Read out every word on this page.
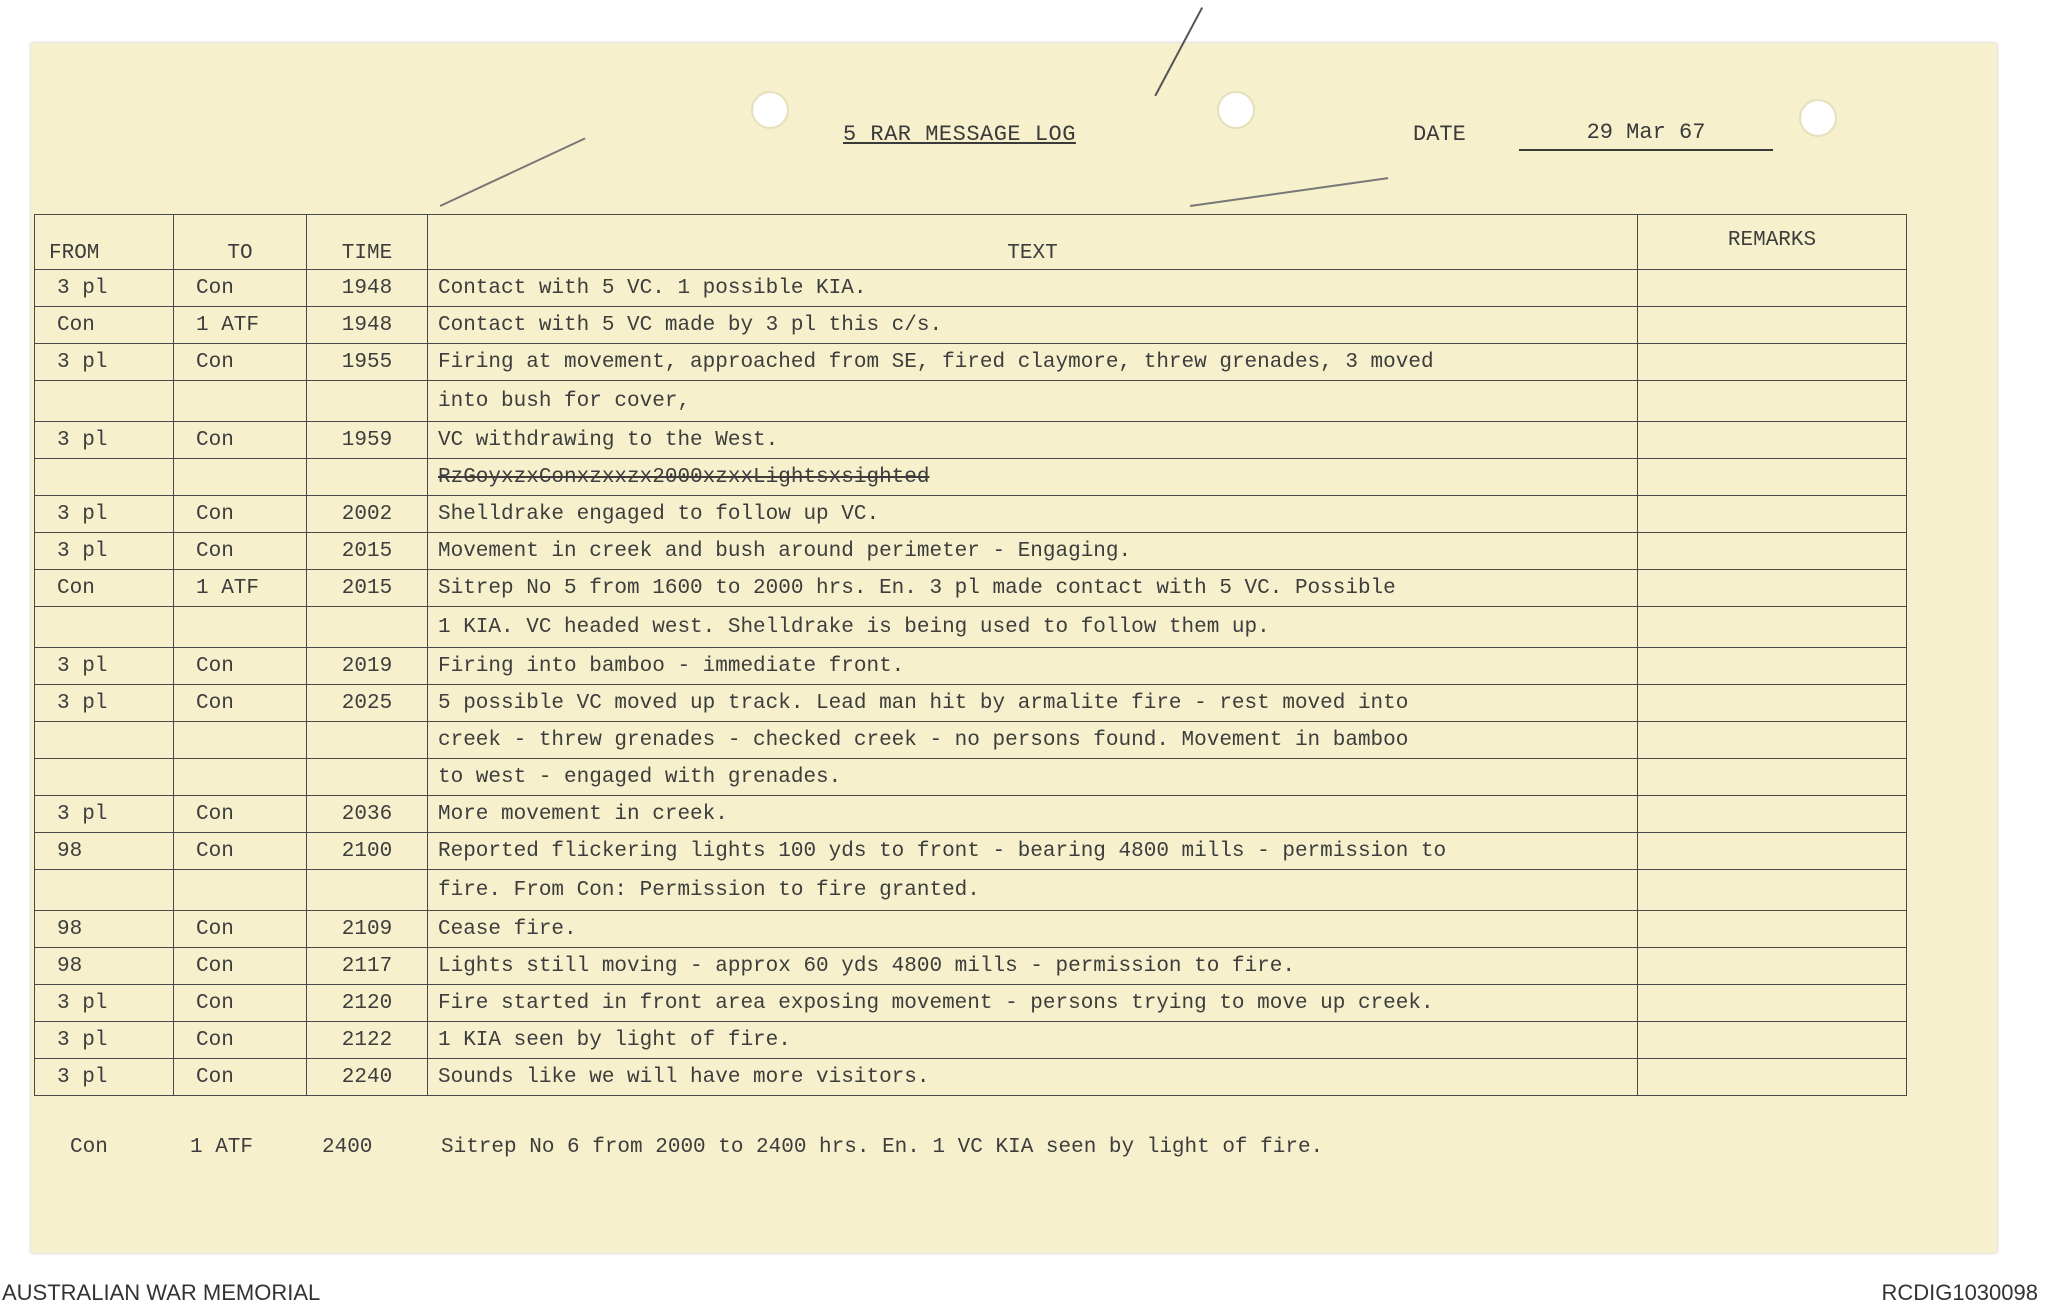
5 RAR MESSAGE LOG	DATE	29 Mar 67
FROM	TO	TIME	TEXT	REMARKS
3 pl	Con	1948	Contact with 5 VC. 1 possible KIA.	
Con	1 ATF	1948	Contact with 5 VC made by 3 pl this c/s.	
3 pl	Con	1955	Firing at movement, approached from SE, fired claymore, threw grenades, 3 moved	
			into bush for cover,	
3 pl	Con	1959	VC withdrawing to the West.	
			RzGoyxzxConxzxxzx2000xzxxLightsxsighted	
3 pl	Con	2002	Shelldrake engaged to follow up VC.	
3 pl	Con	2015	Movement in creek and bush around perimeter - Engaging.	
Con	1 ATF	2015	Sitrep No 5 from 1600 to 2000 hrs. En. 3 pl made contact with 5 VC. Possible	
			1 KIA. VC headed west. Shelldrake is being used to follow them up.	
3 pl	Con	2019	Firing into bamboo - immediate front.	
3 pl	Con	2025	5 possible VC moved up track. Lead man hit by armalite fire - rest moved into	
			creek - threw grenades - checked creek - no persons found. Movement in bamboo	
			to west - engaged with grenades.	
3 pl	Con	2036	More movement in creek.	
98	Con	2100	Reported flickering lights 100 yds to front - bearing 4800 mills - permission to	
			fire. From Con: Permission to fire granted.	
98	Con	2109	Cease fire.	
98	Con	2117	Lights still moving - approx 60 yds 4800 mills - permission to fire.	
3 pl	Con	2120	Fire started in front area exposing movement - persons trying to move up creek.	
3 pl	Con	2122	1 KIA seen by light of fire.	
3 pl	Con	2240	Sounds like we will have more visitors.	
Con	1 ATF	2400	Sitrep No 6 from 2000 to 2400 hrs. En. 1 VC KIA seen by light of fire.
AUSTRALIAN WAR MEMORIAL	RCDIG1030098
